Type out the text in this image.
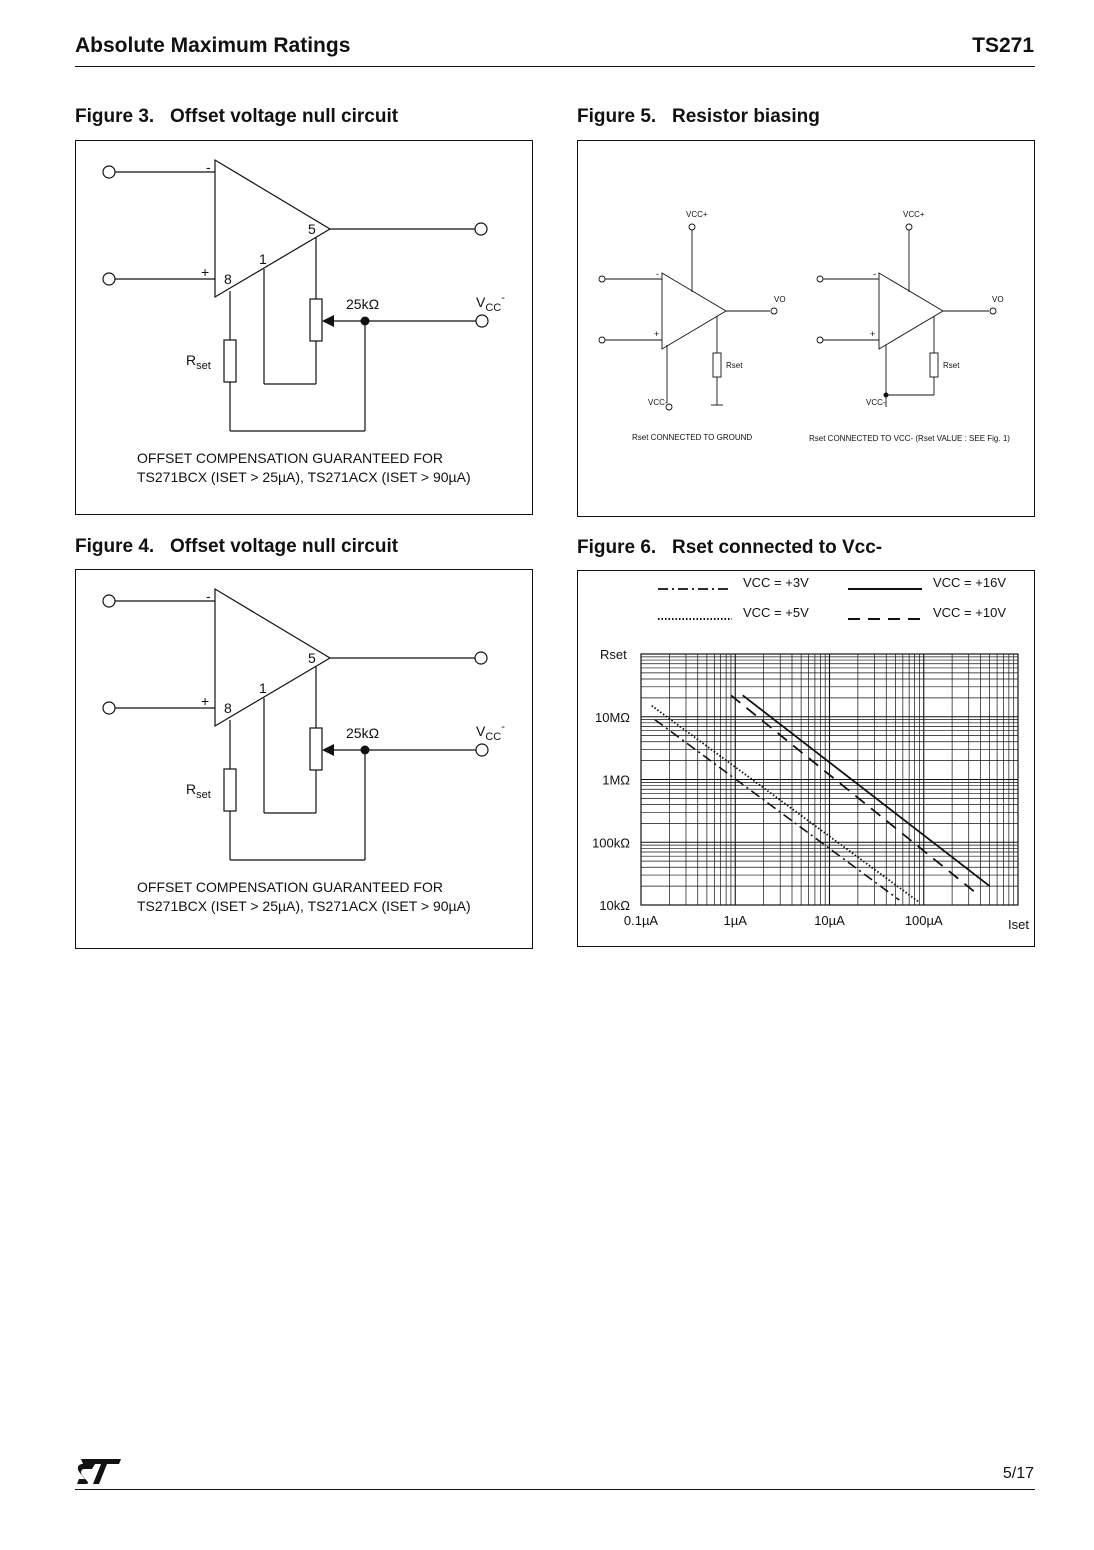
Absolute Maximum Ratings	TS271
Figure 3.   Offset voltage null circuit
-
+
5
1
8
25kΩ	$V_{CC}^-$
$R_{set}$
OFFSET COMPENSATION GUARANTEED FOR
TS271BCX (ISET > 25µA), TS271ACX (ISET > 90µA)
Figure 4.   Offset voltage null circuit
-
+
5
1
8
25kΩ	$V_{CC}^-$
$R_{set}$
OFFSET COMPENSATION GUARANTEED FOR
TS271BCX (ISET > 25µA), TS271ACX (ISET > 90µA)
Figure 5.   Resistor biasing
VCC+
-
+
VO
Rset
VCC-
Rset CONNECTED TO GROUND
VCC+
-
+
VO
Rset
VCC-
Rset CONNECTED TO VCC- (Rset VALUE : SEE Fig. 1)
Figure 6.   Rset connected to Vcc-
VCC = +3V
VCC = +5V
VCC = +16V
VCC = +10V
Rset
10MΩ
1MΩ
100kΩ
10kΩ
0.1µA	1µA	10µA	100µA	Iset
5/17
